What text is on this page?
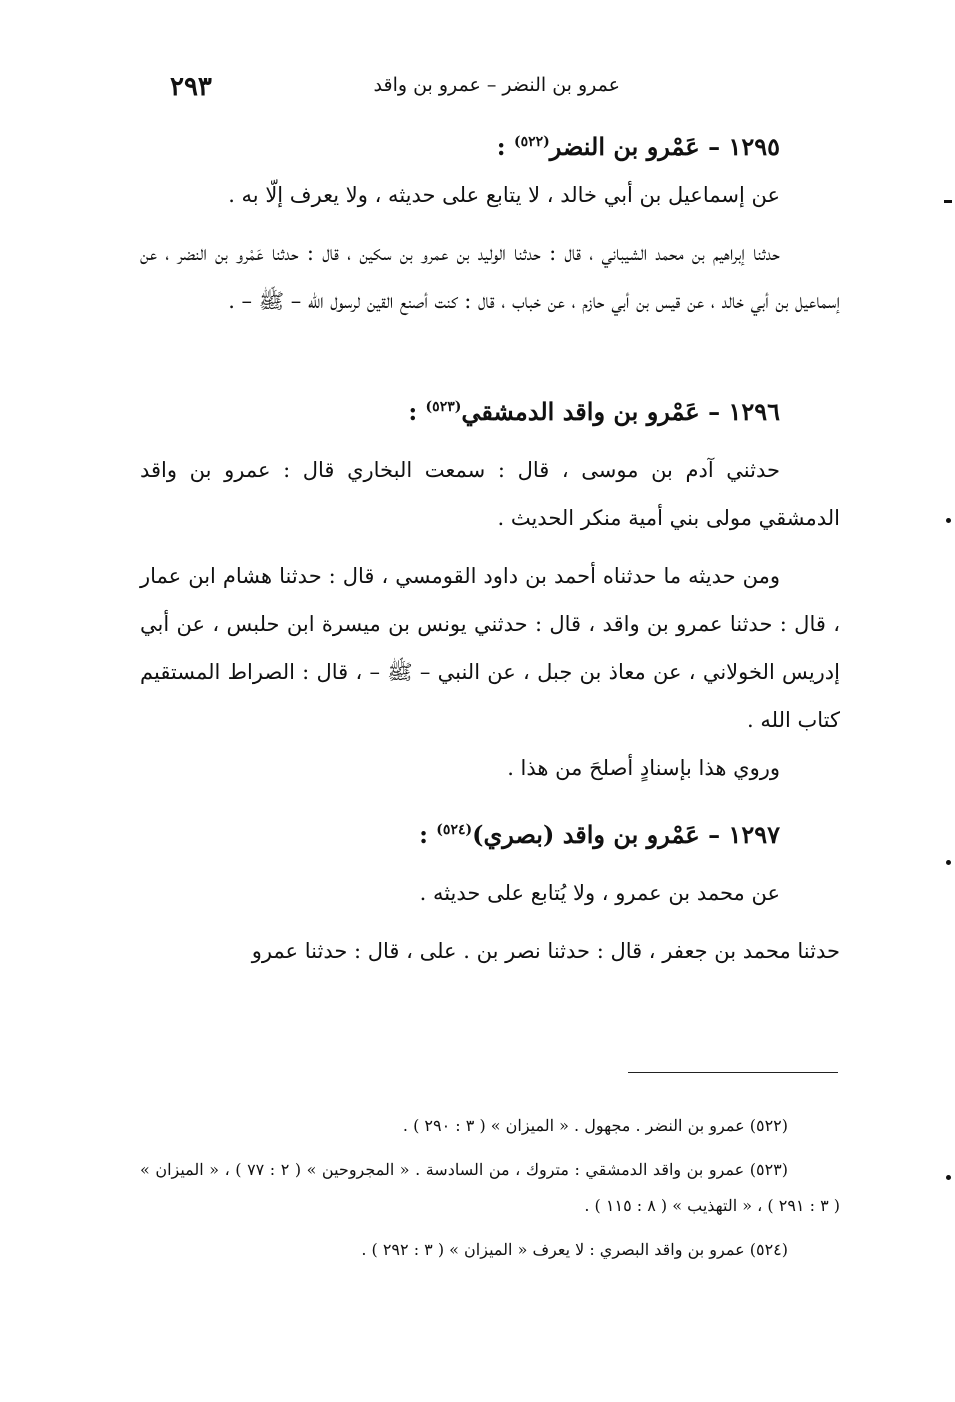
٢٩٣	عمرو بن النضر – عمرو بن واقد
١٢٩٥ – عَمْرو بن النضر$^{(٥٢٢)}$ :

عن إسماعيل بن أبي خالد ، لا يتابع على حديثه ، ولا يعرف إلّا به .

حدثنا إبراهيم بن محمد الشيباني ، قال : حدثنا الوليد بن عمرو بن سكين ، قال : حدثنا عَمْرو بن النضر ، عن إسماعيل بن أبي خالد ، عن قيس بن أبي حازم ، عن خباب ، قال : كنت أصنع القين لرسول الله – ﷺ – .

١٢٩٦ – عَمْرو بن واقد الدمشقي$^{(٥٢٣)}$ :

حدثني آدم بن موسى ، قال : سمعت البخاري قال : عمرو بن واقد الدمشقي مولى بني أمية منكر الحديث .

ومن حديثه ما حدثناه أحمد بن داود القومسي ، قال : حدثنا هشام ابن عمار ، قال : حدثنا عمرو بن واقد ، قال : حدثني يونس بن ميسرة ابن حلبس ، عن أبي إدريس الخولاني ، عن معاذ بن جبل ، عن النبي – ﷺ – ، قال : الصراط المستقيم كتاب الله .

وروي هذا بإسنادٍ أصلحَ من هذا .

١٢٩٧ – عَمْرو بن واقد (بصري)$^{(٥٢٤)}$ :

عن محمد بن عمرو ، ولا يُتابع على حديثه .

حدثنا محمد بن جعفر ، قال : حدثنا نصر بن . على ، قال : حدثنا عمرو

(٥٢٢) عمرو بن النضر . مجهول . « الميزان » ( ٣ : ٢٩٠ ) .

(٥٢٣) عمرو بن واقد الدمشقي : متروك ، من السادسة . « المجروحين » ( ٢ : ٧٧ ) ، « الميزان » ( ٣ : ٢٩١ ) ، « التهذيب » ( ٨ : ١١٥ ) .

(٥٢٤) عمرو بن واقد البصري : لا يعرف « الميزان » ( ٣ : ٢٩٢ ) .
